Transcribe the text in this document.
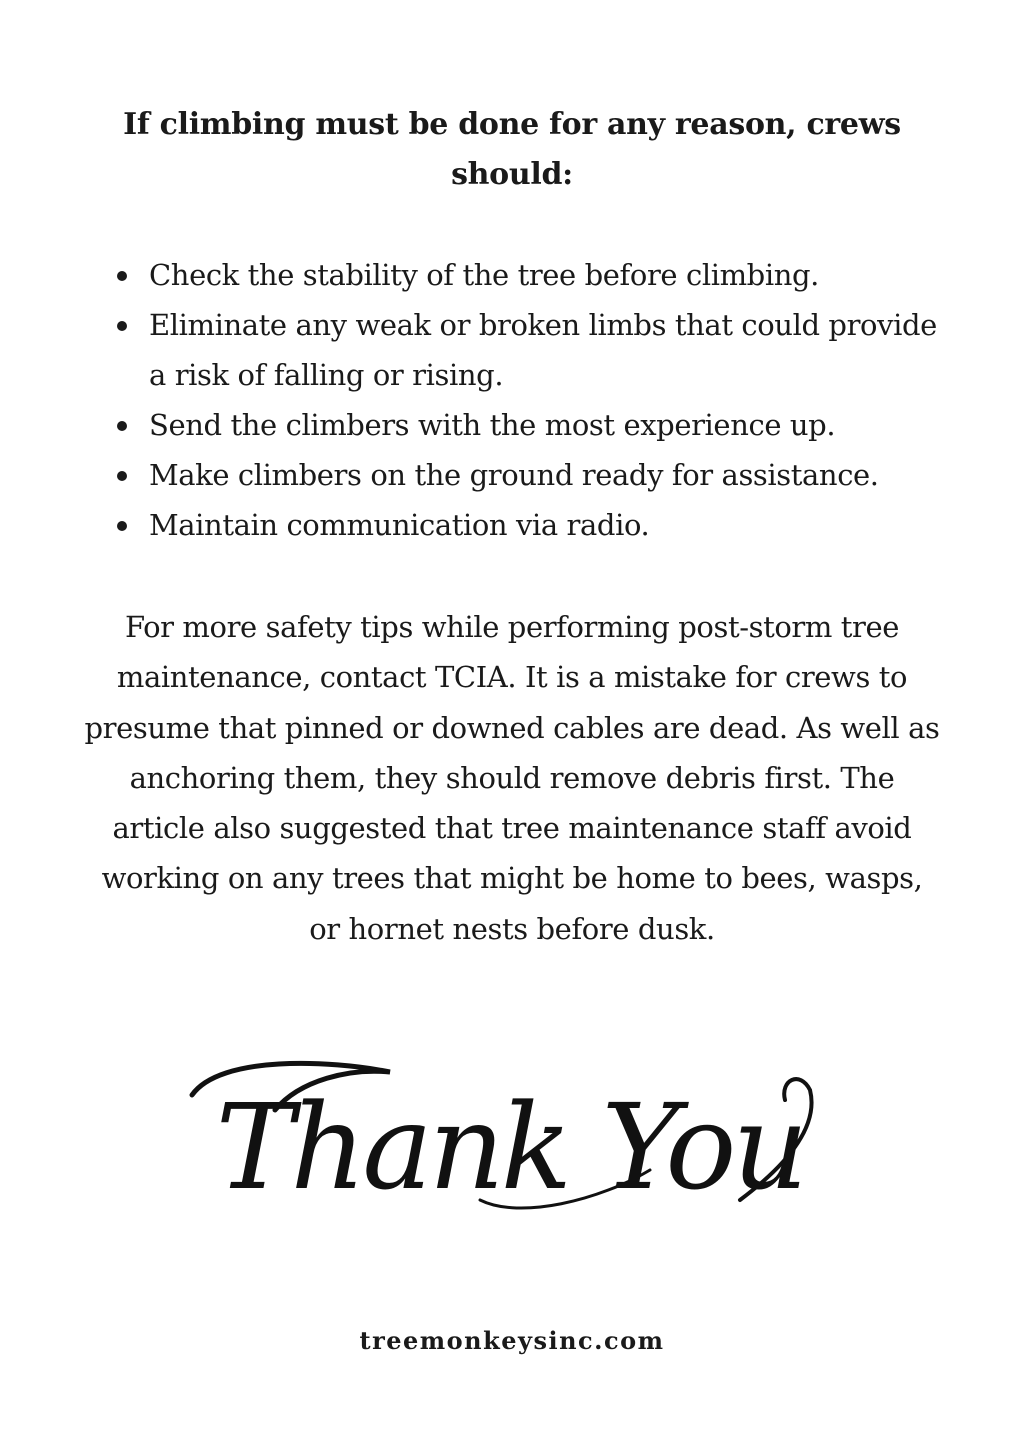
If climbing must be done for any reason, crews should:
Check the stability of the tree before climbing.
Eliminate any weak or broken limbs that could provide a risk of falling or rising.
Send the climbers with the most experience up.
Make climbers on the ground ready for assistance.
Maintain communication via radio.

For more safety tips while performing post-storm tree maintenance, contact TCIA. It is a mistake for crews to presume that pinned or downed cables are dead. As well as anchoring them, they should remove debris first. The article also suggested that tree maintenance staff avoid working on any trees that might be home to bees, wasps, or hornet nests before dusk.

Thank You
treemonkeysinc.com
